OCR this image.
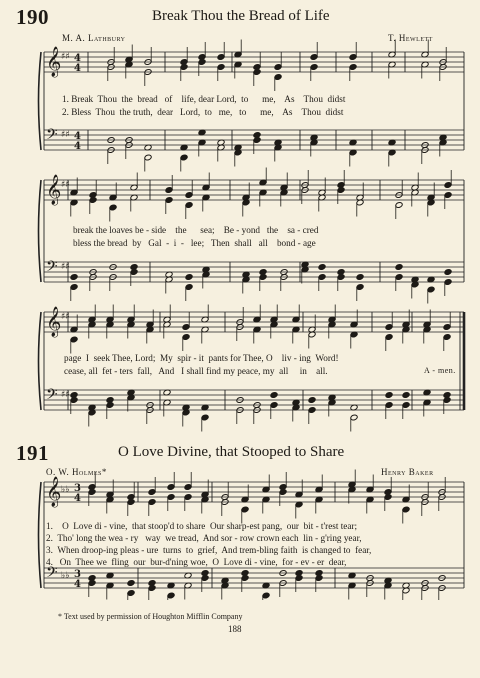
190	Break Thou the Bread of Life
M. A. Lathbury	T. Hewlett
𝄞 ♯♯ 4
4
𝄢 ♯♯ 4
4
𝄞 ♯♯
𝄢 ♯♯
𝄞 ♯♯
𝄢 ♯♯
𝄞 ♭♭ 3
4
𝄢 ♭♭ 3
4
1. Break  Thou  the  bread   of    life, dear Lord,  to      me,    As    Thou  didst
2. Bless  Thou  the truth,  dear   Lord,  to   me,   to      me,    As    Thou  didst
break the loaves be - side    the      sea;    Be - yond   the    sa - cred
bless the bread  by   Gal  -  i  -   lee;   Then  shall   all    bond - age
page  I  seek Thee, Lord;  My  spir - it  pants for Thee, O    liv - ing  Word!
cease, all  fet - ters  fall,   And   I shall find my peace, my  all     in    all.	A - men.
191	O Love Divine, that Stooped to Share
O. W. Holmes*	Henry Baker
1.    O  Love di - vine,  that stoop'd to share  Our sharp-est pang,  our  bit - t'rest tear;
2.  Tho' long the wea - ry   way  we tread,  And sor - row crown each  lin - g'ring year,
3.  When droop-ing pleas - ure  turns  to  grief,  And trem-bling faith  is changed to  fear,
4.   On  Thee we  fling  our  bur-d'ning woe,  O  Love di - vine,  for - ev - er  dear,
* Text used by permission of Houghton Mifflin Company
188
